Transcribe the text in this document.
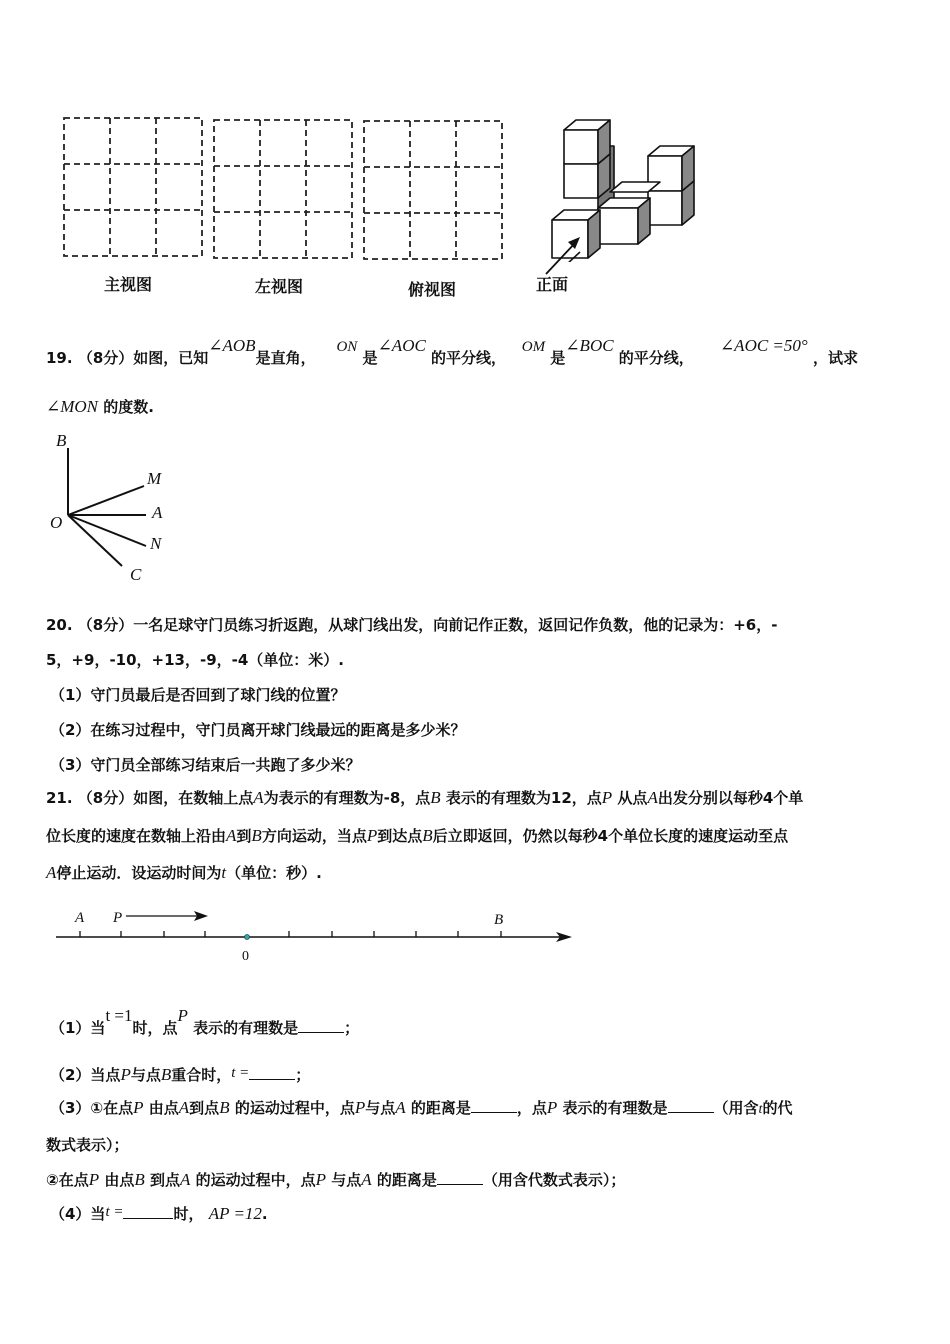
主视图	左视图	俯视图	正面
19. （8分）如图，已知∠AOB是直角，    ON 是∠AOC 的平分线，   OM 是∠BOC 的平分线，     ∠AOC =50° ，试求
∠MON 的度数.
B
M
O
A
N
C
20. （8分）一名足球守门员练习折返跑，从球门线出发，向前记作正数，返回记作负数，他的记录为：+6，-
5，+9，-10，+13，-9，-4（单位：米）.
（1）守门员最后是否回到了球门线的位置？
（2）在练习过程中，守门员离开球门线最远的距离是多少米？
（3）守门员全部练习结束后一共跑了多少米？
21. （8分）如图，在数轴上点A为表示的有理数为-8，点B 表示的有理数为12，点P 从点A出发分别以每秒4个单
位长度的速度在数轴上沿由A到B方向运动，当点P到达点B后立即返回，仍然以每秒4个单位长度的速度运动至点
A停止运动．设运动时间为t（单位：秒）.
A P	B
0
（1）当t =1时，点P 表示的有理数是	；
（2）当点P与点B重合时，t =	；
（3）①在点P 由点A到点B 的运动过程中，点P与点A 的距离是	，点P 表示的有理数是	（用含t的代
数式表示）；
②在点P 由点B 到点A 的运动过程中，点P 与点A 的距离是	（用含代数式表示）；
（4）当t =	时， AP =12.
